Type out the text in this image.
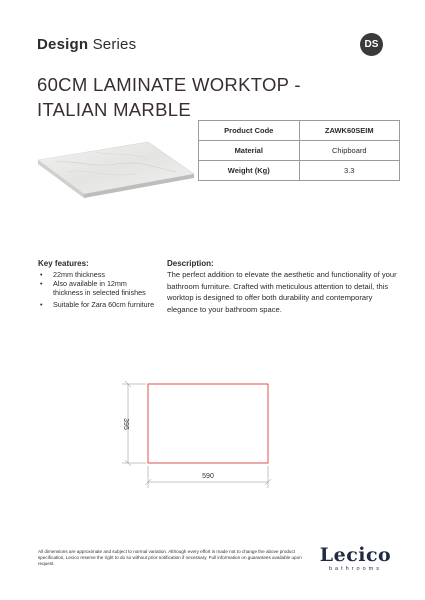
Design Series	DS
60CM LAMINATE WORKTOP -
ITALIAN MARBLE
Product Code	ZAWK60SEIM
Material	Chipboard
Weight (Kg)	3.3
Key features:
• 22mm thickness
• Also available in 12mm thickness in selected finishes
• Suitable for Zara 60cm furniture
Description:
The perfect addition to elevate the aesthetic and functionality of your bathroom furniture. Crafted with meticulous attention to detail, this worktop is designed to offer both durability and contemporary elegance to your bathroom space.
590
395
All dimensions are approximate and subject to normal variation. Although every effort is made not to change the above product specification, Lecico reserve the right to do so without prior notification if necessary. Full information on guarantees available upon request.	Lecico
bathrooms
